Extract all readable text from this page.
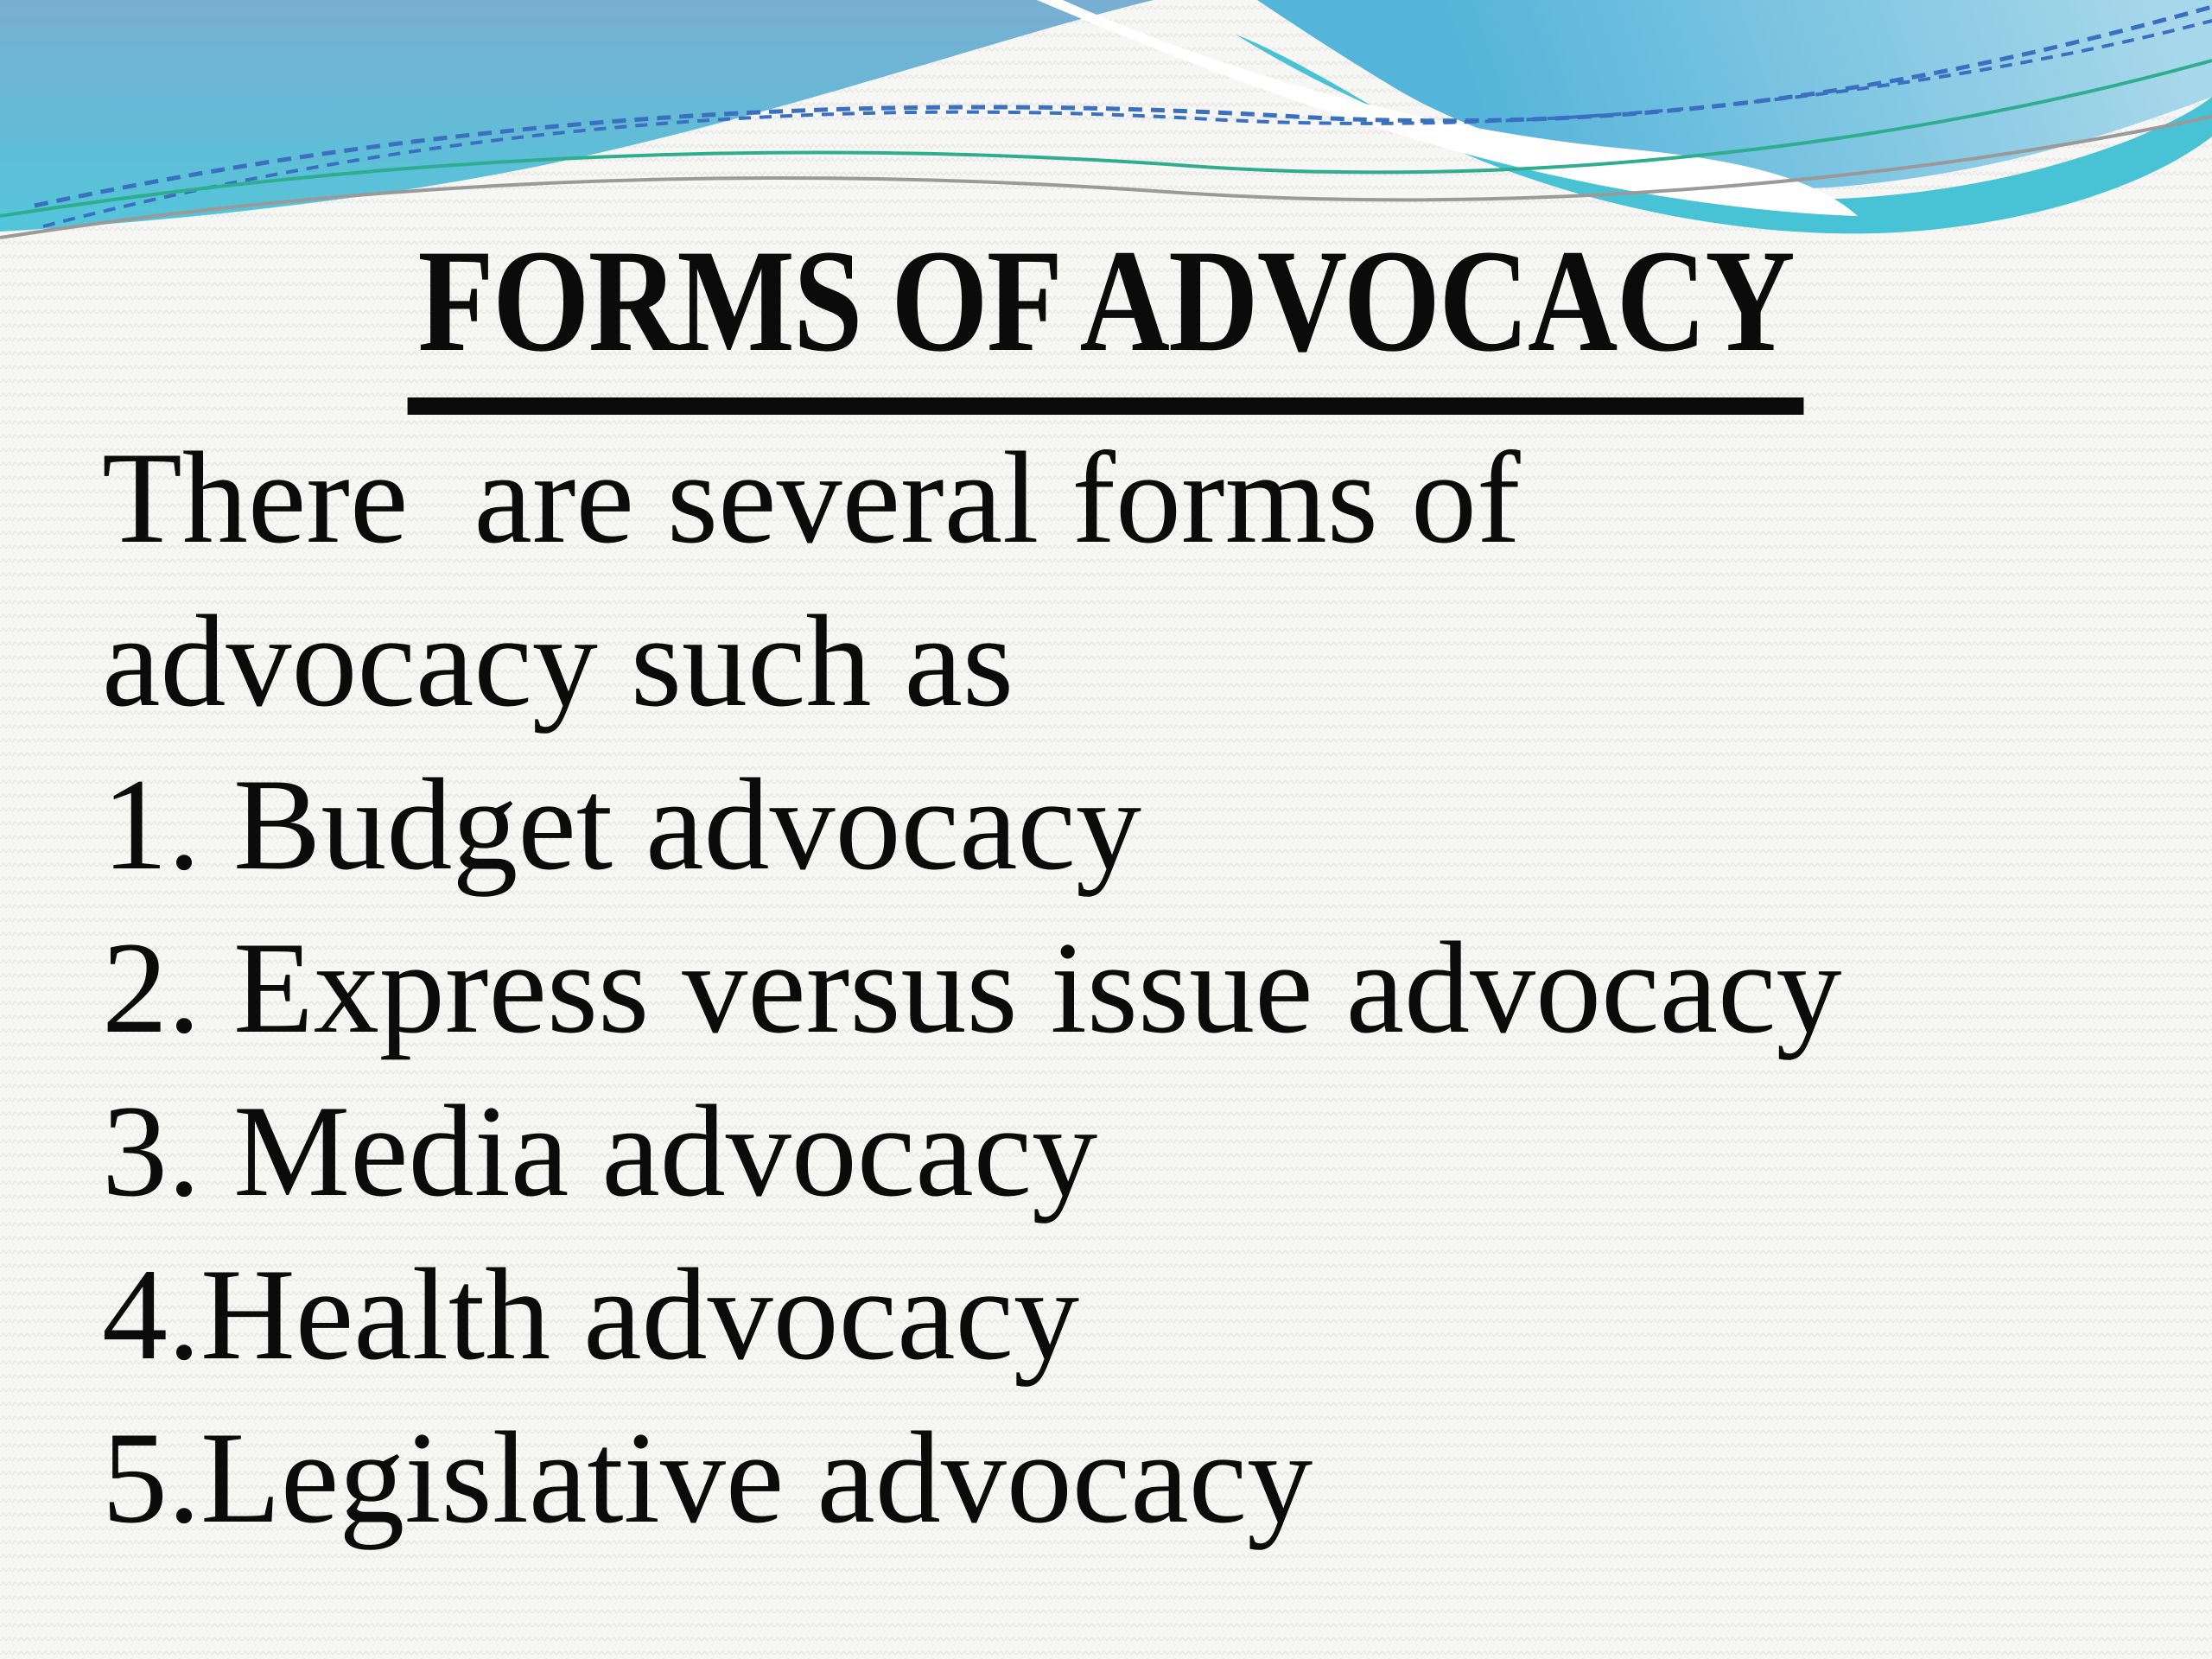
FORMS OF ADVOCACY
There  are several forms of
advocacy such as
1. Budget advocacy
2. Express versus issue advocacy
3. Media advocacy
4.Health advocacy
5.Legislative advocacy
